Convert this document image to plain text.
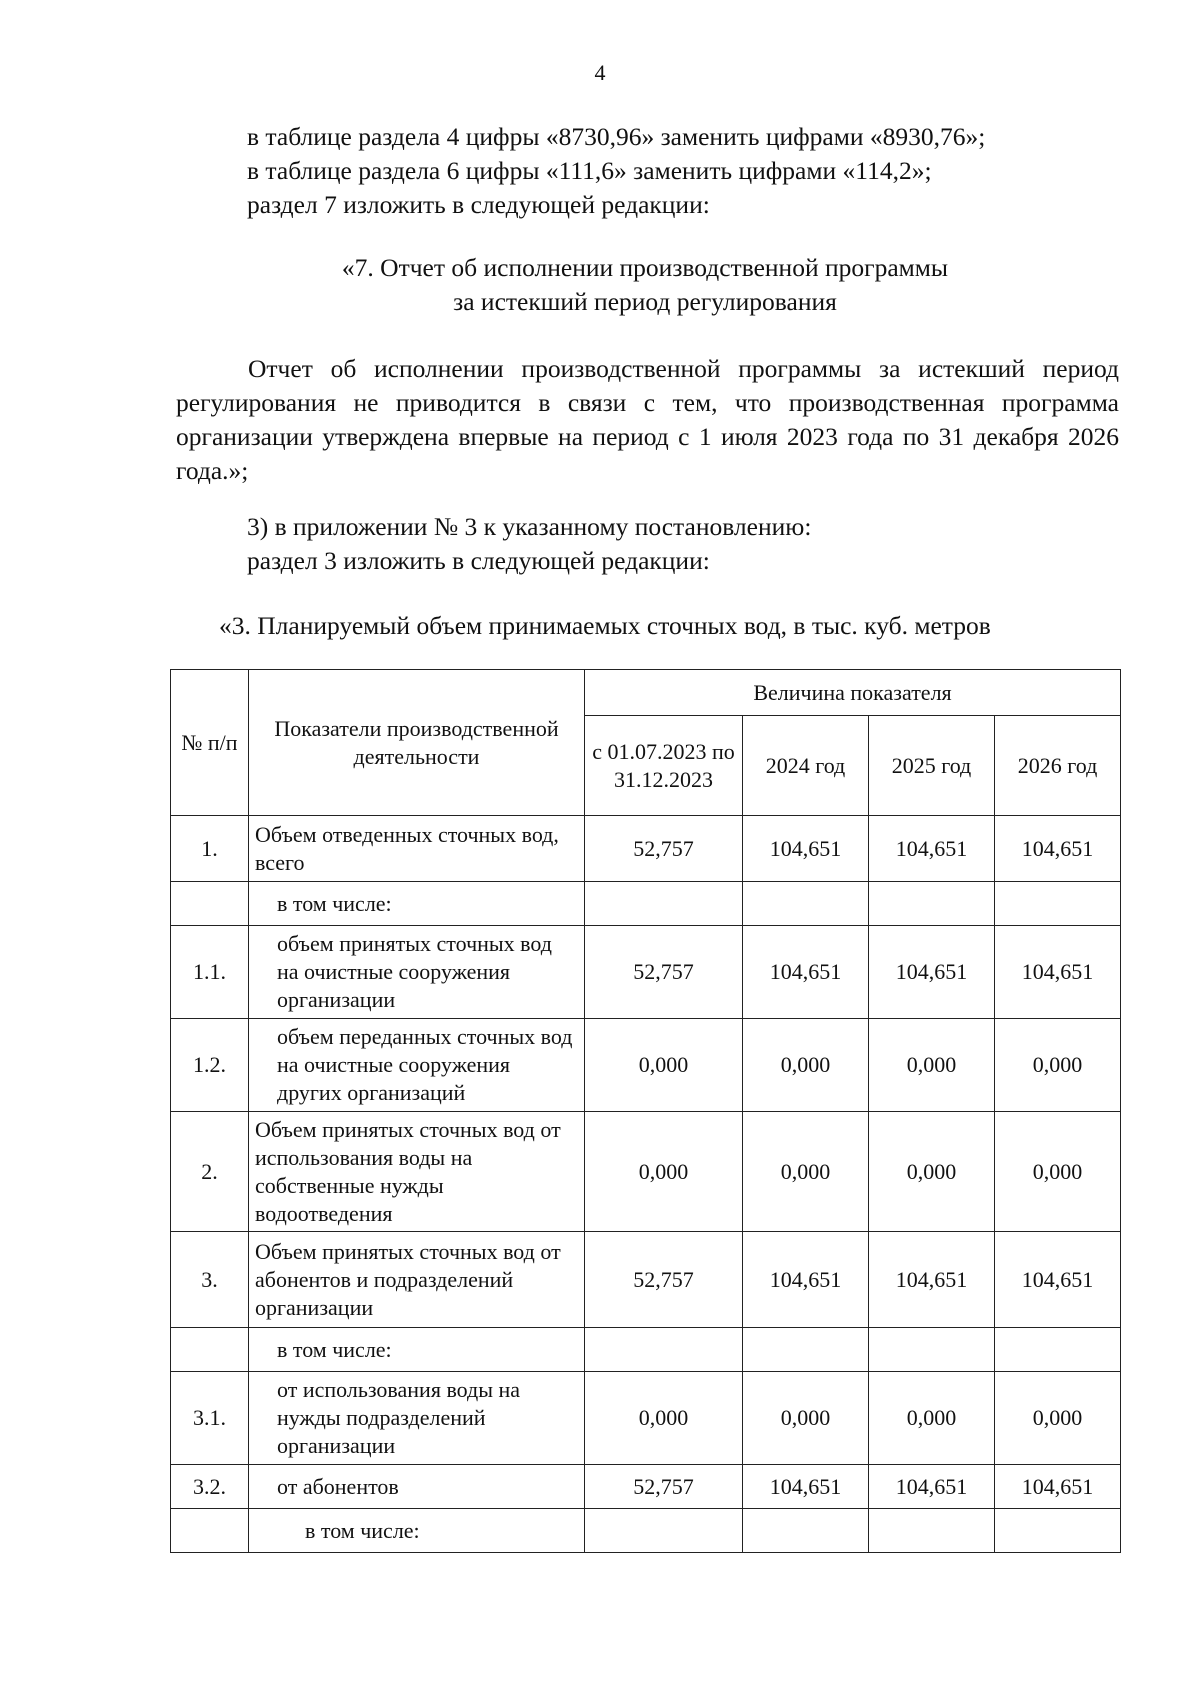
4
в таблице раздела 4 цифры «8730,96» заменить цифрами «8930,76»;
в таблице раздела 6 цифры «111,6» заменить цифрами «114,2»;
раздел 7 изложить в следующей редакции:
«7. Отчет об исполнении производственной программы
за истекший период регулирования
Отчет об исполнении производственной программы за истекший период регулирования не приводится в связи с тем, что производственная программа организации утверждена впервые на период с 1 июля 2023 года по 31 декабря 2026 года.»;
3) в приложении № 3 к указанному постановлению:
раздел 3 изложить в следующей редакции:
«3. Планируемый объем принимаемых сточных вод, в тыс. куб. метров
№ п/п	Показатели производственной деятельности	Величина показателя			
		с 01.07.2023 по 31.12.2023	2024 год	2025 год	2026 год
1.	Объем отведенных сточных вод, всего	52,757	104,651	104,651	104,651
	в том числе:				
1.1.	объем принятых сточных вод на очистные сооружения организации	52,757	104,651	104,651	104,651
1.2.	объем переданных сточных вод на очистные сооружения других организаций	0,000	0,000	0,000	0,000
2.	Объем принятых сточных вод от использования воды на собственные нужды водоотведения	0,000	0,000	0,000	0,000
3.	Объем принятых сточных вод от абонентов и подразделений организации	52,757	104,651	104,651	104,651
	в том числе:				
3.1.	от использования воды на нужды подразделений организации	0,000	0,000	0,000	0,000
3.2.	от абонентов	52,757	104,651	104,651	104,651
	в том числе:				
